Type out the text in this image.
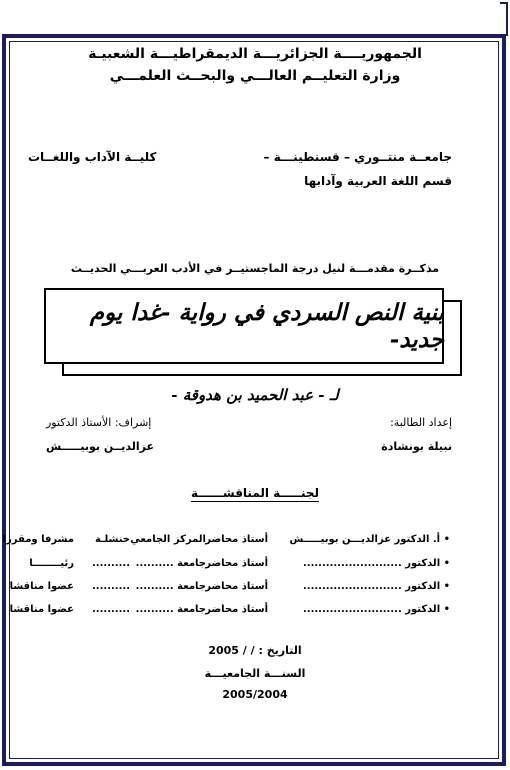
الجمهوريــــة الجزائريـــة الديمقراطيـــة الشعبيـة
وزارة التعليــم العالـــي والبحــث العلمـــي
جامعــة منتــوري – قسنطينـــة –
كليــة الآداب واللغــات
قسم اللغة العربية وآدابها
مذكــرة مقدمـــة لنيل درجة الماجستيــر في الأدب العربـــي الحديــث
بنية النص السردي في رواية -غدا يوم جديد-
لـ - عبد الحميد بن هدوقة -
إعداد الطالبة:
نبيلة بونشادة
إشراف: الأستاذ الدكتور
عزالديــن بوبيـــــش
لجنـــــة المناقشــــــة
• أ. الدكتور عزالديـــن بوبيـــــش
أستاذ محاضر
المركز الجامعي
خنشلـة
مشرفا ومقررا
• الدكتور ..........................
أستاذ محاضر
جامعة ..........
..........
رئيــــــــا
• الدكتور ..........................
أستاذ محاضر
جامعة ..........
..........
عضوا مناقشا
• الدكتور ..........................
أستاذ محاضر
جامعة ..........
..........
عضوا مناقشا
التاريخ : / / 2005
السنـــة الجامعيـــة
2005/2004
